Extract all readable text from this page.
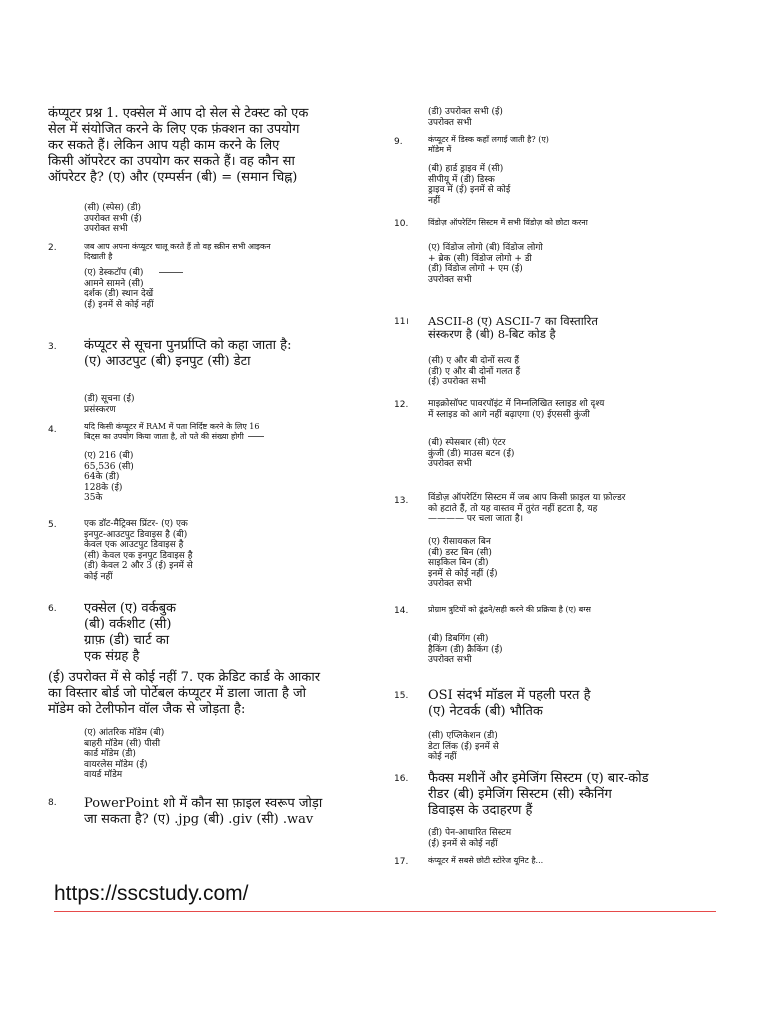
कंप्यूटर प्रश्न 1. एक्सेल में आप दो सेल से टेक्स्ट को एक
सेल में संयोजित करने के लिए एक फ़ंक्शन का उपयोग
कर सकते हैं। लेकिन आप यही काम करने के लिए
किसी ऑपरेटर का उपयोग कर सकते हैं। वह कौन सा
ऑपरेटर है? (ए) और (एम्पर्सन (बी) = (समान चिह्न)
(सी) (स्पेस) (डी)
उपरोक्त सभी (ई)
उपरोक्त सभी
2.	जब आप अपना कंप्यूटर चालू करते हैं तो वह स्क्रीन सभी आइकन
दिखाती है
(ए) डेस्कटॉप (बी)
आमने सामने (सी)
दर्शक (डी) स्थान देखें
(ई) इनमें से कोई नहीं
3. कंप्यूटर से सूचना पुनर्प्राप्ति को कहा जाता है:
(ए) आउटपुट (बी) इनपुट (सी) डेटा
(डी) सूचना (ई)
प्रसंस्करण
4.	यदि किसी कंप्यूटर में RAM में पता निर्दिष्ट करने के लिए 16
बिट्स का उपयोग किया जाता है, तो पते की संख्या होगी
(ए) 216 (बी)
65,536 (सी)
64के (डी)
128के (ई)
35के
5.	एक डॉट-मैट्रिक्स प्रिंटर- (ए) एक
इनपुट-आउटपुट डिवाइस है (बी)
केवल एक आउटपुट डिवाइस है
(सी) केवल एक इनपुट डिवाइस है
(डी) केवल 2 और 3 (ई) इनमें से
कोई नहीं
6. एक्सेल (ए) वर्कबुक
(बी) वर्कशीट (सी)
ग्राफ़ (डी) चार्ट का
एक संग्रह है
(ई) उपरोक्त में से कोई नहीं 7. एक क्रेडिट कार्ड के आकार
का विस्तार बोर्ड जो पोर्टेबल कंप्यूटर में डाला जाता है जो
मॉडेम को टेलीफोन वॉल जैक से जोड़ता है:
(ए) आंतरिक मॉडेम (बी)
बाहरी मॉडेम (सी) पीसी
कार्ड मॉडेम (डी)
वायरलेस मॉडेम (ई)
वायर्ड मॉडेम
8. PowerPoint शो में कौन सा फ़ाइल स्वरूप जोड़ा
जा सकता है? (ए) .jpg (बी) .giv (सी) .wav
(डी) उपरोक्त सभी (ई)
उपरोक्त सभी
9.	कंप्यूटर में डिस्क कहाँ लगाई जाती है? (ए)
मॉडेम में
(बी) हार्ड ड्राइव में (सी)
सीपीयू में (डी) डिस्क
ड्राइव में (ई) इनमें से कोई
नहीं
10. विंडोज़ ऑपरेटिंग सिस्टम में सभी विंडोज़ को छोटा करना
(ए) विंडोज लोगो (बी) विंडोज लोगो
+ ब्रेक (सी) विंडोज लोगो + डी
(डी) विंडोज लोगो + एम (ई)
उपरोक्त सभी
11। ASCII-8 (ए) ASCII-7 का विस्तारित
संस्करण है (बी) 8-बिट कोड है
(सी) ए और बी दोनों सत्य हैं
(डी) ए और बी दोनों गलत हैं
(ई) उपरोक्त सभी
12. माइक्रोसॉफ्ट पावरपॉइंट में निम्नलिखित स्लाइड शो दृश्य
में स्लाइड को आगे नहीं बढ़ाएगा (ए) ईएससी कुंजी
(बी) स्पेसबार (सी) एंटर
कुंजी (डी) माउस बटन (ई)
उपरोक्त सभी
13. विंडोज़ ऑपरेटिंग सिस्टम में जब आप किसी फ़ाइल या फ़ोल्डर
को हटाते हैं, तो यह वास्तव में तुरंत नहीं हटता है, यह
———— पर चला जाता है।
(ए) रीसायकल बिन
(बी) डस्ट बिन (सी)
साइकिल बिन (डी)
इनमें से कोई नहीं (ई)
उपरोक्त सभी
14. प्रोग्राम त्रुटियों को ढूंढने/सही करने की प्रक्रिया है (ए) बग्स
(बी) डिबगिंग (सी)
हैकिंग (डी) क्रैकिंग (ई)
उपरोक्त सभी
15. OSI संदर्भ मॉडल में पहली परत है
(ए) नेटवर्क (बी) भौतिक
(सी) एप्लिकेशन (डी)
डेटा लिंक (ई) इनमें से
कोई नहीं
16. फैक्स मशीनें और इमेजिंग सिस्टम (ए) बार-कोड
रीडर (बी) इमेजिंग सिस्टम (सी) स्कैनिंग
डिवाइस के उदाहरण हैं
(डी) पेन-आधारित सिस्टम
(ई) इनमें से कोई नहीं
17. कंप्यूटर में सबसे छोटी स्टोरेज यूनिट है...
https://sscstudy.com/
